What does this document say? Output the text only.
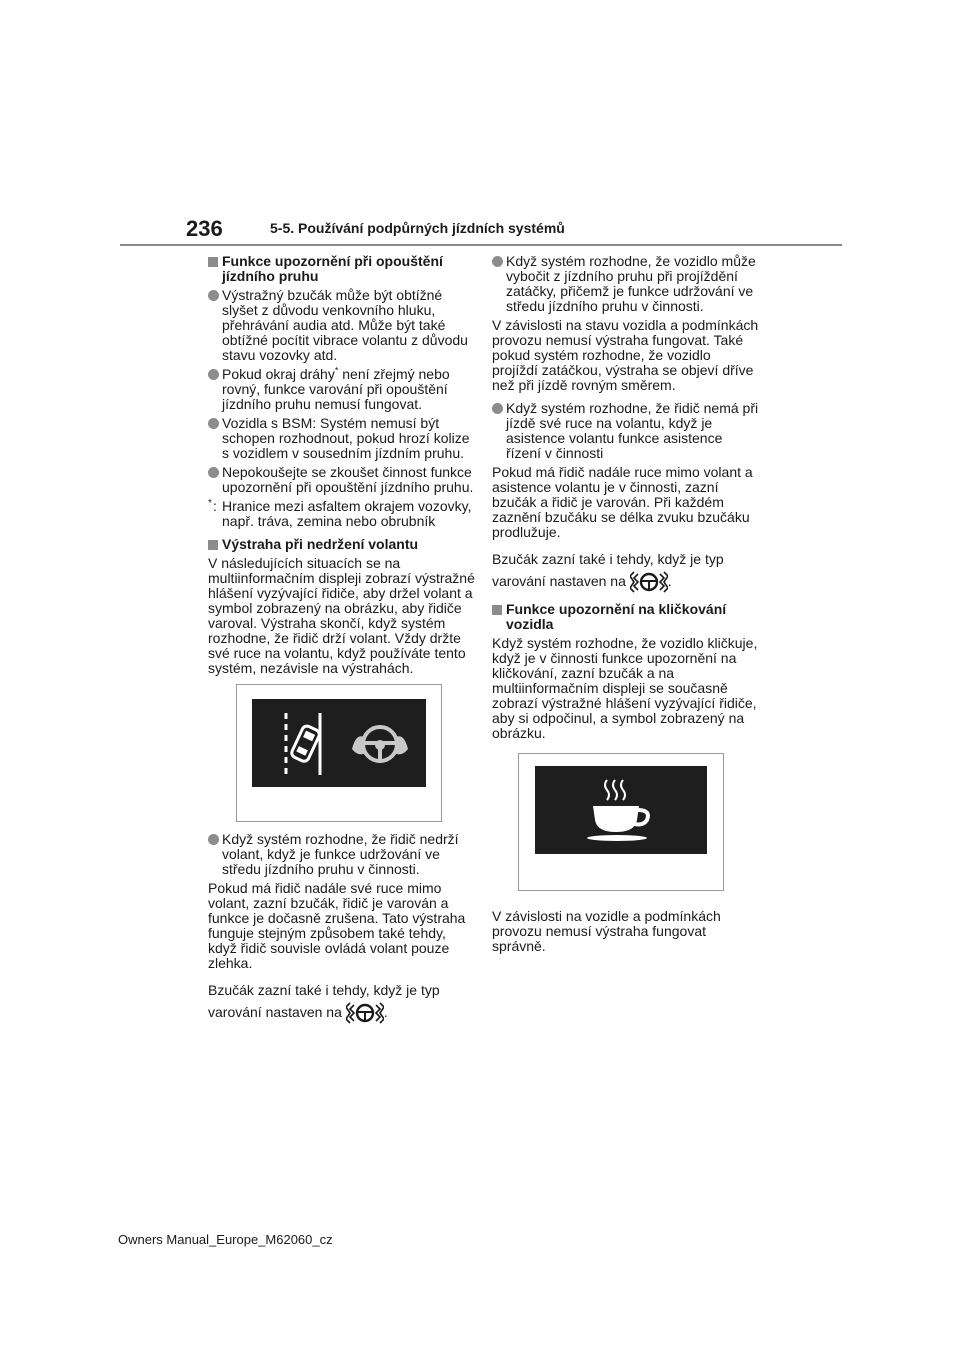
236	5-5. Používání podpůrných jízdních systémů
Funkce upozornění při opouštění jízdního pruhu
Výstražný bzučák může být obtížné slyšet z důvodu venkovního hluku, přehrávání audia atd. Může být také obtížné pocítit vibrace volantu z důvodu stavu vozovky atd.
Pokud okraj dráhy* není zřejmý nebo rovný, funkce varování při opouštění jízdního pruhu nemusí fungovat.
Vozidla s BSM: Systém nemusí být schopen rozhodnout, pokud hrozí kolize s vozidlem v sousedním jízdním pruhu.
Nepokoušejte se zkoušet činnost funkce upozornění při opouštění jízdního pruhu.
* : Hranice mezi asfaltem okrajem vozovky, např. tráva, zemina nebo obrubník
Výstraha při nedržení volantu
V následujících situacích se na multiinformačním displeji zobrazí výstražné hlášení vyzývající řidiče, aby držel volant a symbol zobrazený na obrázku, aby řidiče varoval. Výstraha skončí, když systém rozhodne, že řidič drží volant. Vždy držte své ruce na volantu, když používáte tento systém, nezávisle na výstrahách.
Když systém rozhodne, že řidič nedrží volant, když je funkce udržování ve středu jízdního pruhu v činnosti.
Pokud má řidič nadále své ruce mimo volant, zazní bzučák, řidič je varován a funkce je dočasně zrušena. Tato výstraha funguje stejným způsobem také tehdy, když řidič souvisle ovládá volant pouze zlehka.
Bzučák zazní také i tehdy, když je typ
varování nastaven na	.
Když systém rozhodne, že vozidlo může vybočit z jízdního pruhu při projíždění zatáčky, přičemž je funkce udržování ve středu jízdního pruhu v činnosti.
V závislosti na stavu vozidla a podmínkách provozu nemusí výstraha fungovat. Také pokud systém rozhodne, že vozidlo projíždí zatáčkou, výstraha se objeví dříve než při jízdě rovným směrem.
Když systém rozhodne, že řidič nemá při jízdě své ruce na volantu, když je asistence volantu funkce asistence řízení v činnosti
Pokud má řidič nadále ruce mimo volant a asistence volantu je v činnosti, zazní bzučák a řidič je varován. Při každém zaznění bzučáku se délka zvuku bzučáku prodlužuje.
Bzučák zazní také i tehdy, když je typ
varování nastaven na	.
Funkce upozornění na kličkování vozidla
Když systém rozhodne, že vozidlo kličkuje, když je v činnosti funkce upozornění na kličkování, zazní bzučák a na multiinformačním displeji se současně zobrazí výstražné hlášení vyzývající řidiče, aby si odpočinul, a symbol zobrazený na obrázku.
V závislosti na vozidle a podmínkách provozu nemusí výstraha fungovat správně.
Owners Manual_Europe_M62060_cz
